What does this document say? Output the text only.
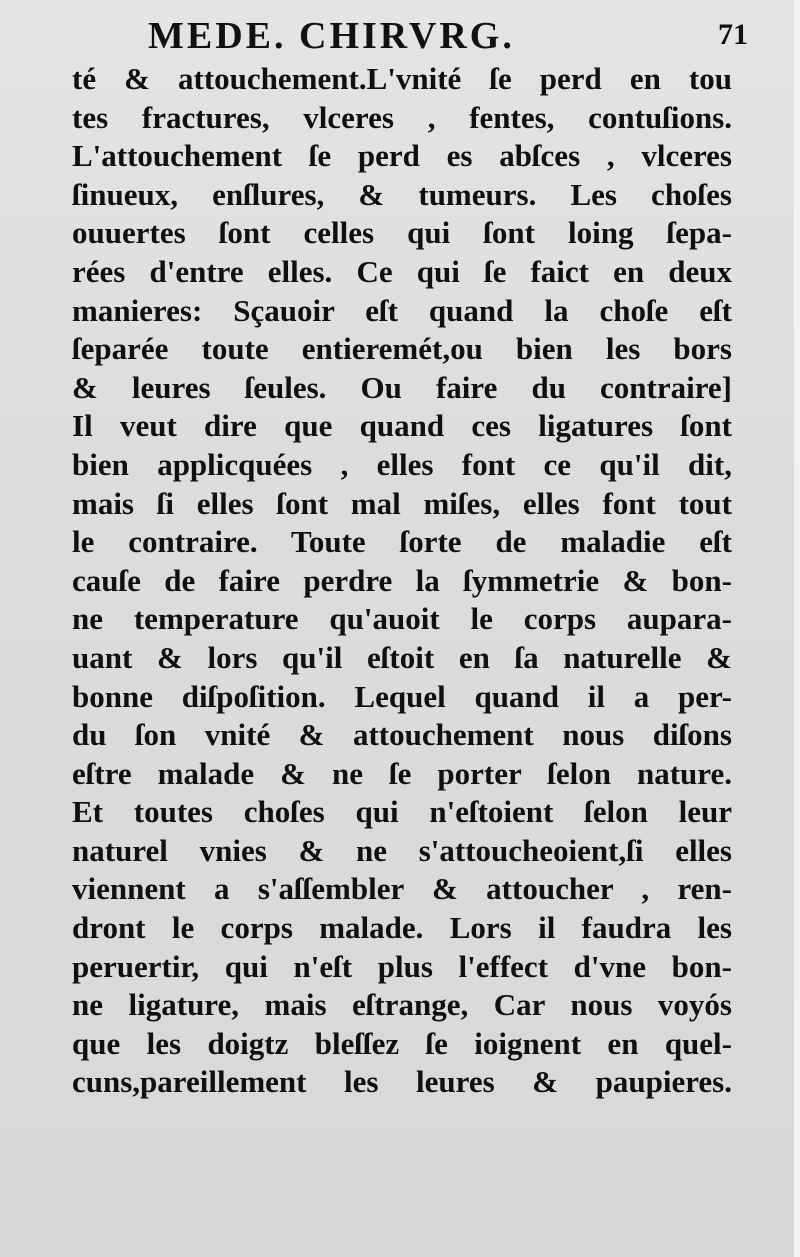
MEDE. CHIRVRG.	71
té & attouchement.L'vnité ſe perd en tou
tes fractures, vlceres , fentes, contuſions.
L'attouchement ſe perd es abſces , vlceres
ſinueux, enſlures, & tumeurs. Les choſes
ouuertes ſont celles qui ſont loing ſepa-
rées d'entre elles. Ce qui ſe faict en deux
manieres: Sçauoir eſt quand la choſe eſt
ſeparée toute entieremét,ou bien les bors
& leures ſeules. Ou faire du contraire]
Il veut dire que quand ces ligatures ſont
bien applicquées , elles font ce qu'il dit,
mais ſi elles ſont mal miſes, elles font tout
le contraire. Toute ſorte de maladie eſt
cauſe de faire perdre la ſymmetrie & bon-
ne temperature qu'auoit le corps aupara-
uant & lors qu'il eſtoit en ſa naturelle &
bonne diſpoſition. Lequel quand il a per-
du ſon vnité & attouchement nous diſons
eſtre malade & ne ſe porter ſelon nature.
Et toutes choſes qui n'eſtoient ſelon leur
naturel vnies & ne s'attoucheoient,ſi elles
viennent a s'aſſembler & attoucher , ren-
dront le corps malade. Lors il faudra les
peruertir, qui n'eſt plus l'effect d'vne bon-
ne ligature, mais eſtrange, Car nous voyós
que les doigtz bleſſez ſe ioignent en quel-
cuns,pareillement les leures & paupieres.
